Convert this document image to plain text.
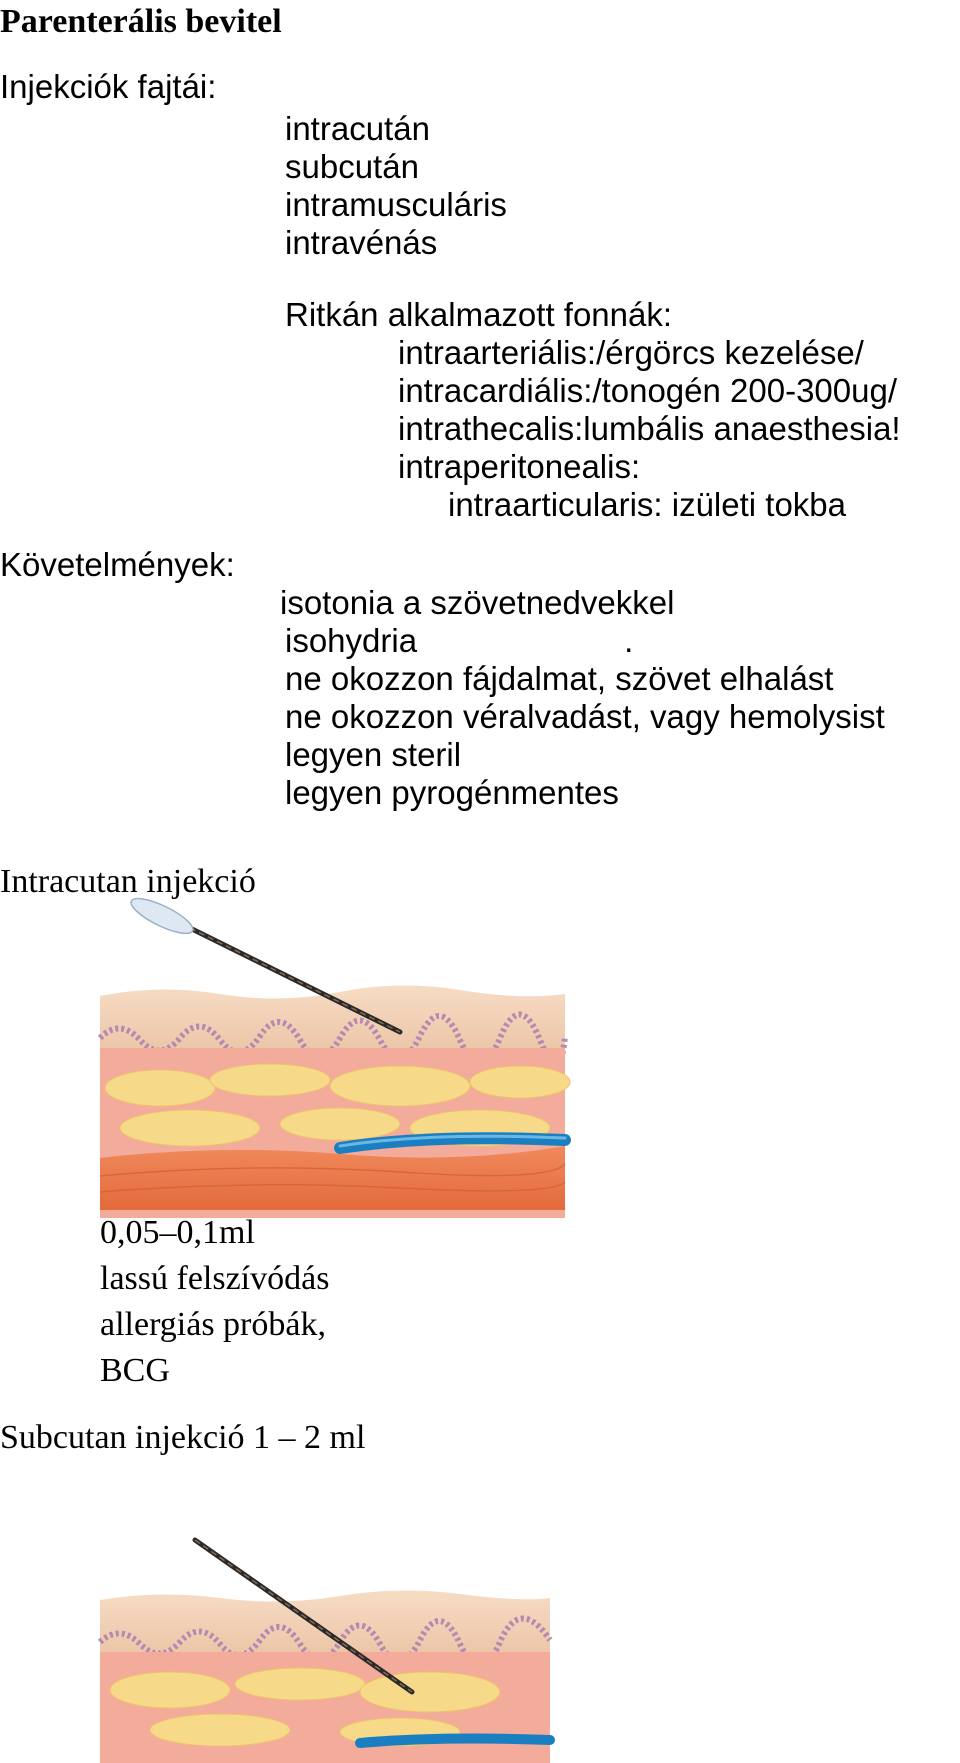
Parenterális bevitel
Injekciók fajtái:
intracután
subcután
intramusculáris
intravénás
Ritkán alkalmazott fonnák:
intraarteriális:/érgörcs kezelése/
intracardiális:/tonogén 200-300ug/
intrathecalis:lumbális anaesthesia!
intraperitonealis:
intraarticularis: izületi tokba
Követelmények:
isotonia a szövetnedvekkel
isohydria	.
ne okozzon fájdalmat, szövet elhalást
ne okozzon véralvadást, vagy hemolysist
legyen steril
legyen pyrogénmentes
Intracutan injekció
0,05–0,1ml
lassú felszívódás
allergiás próbák,
BCG
Subcutan injekció 1 – 2 ml
